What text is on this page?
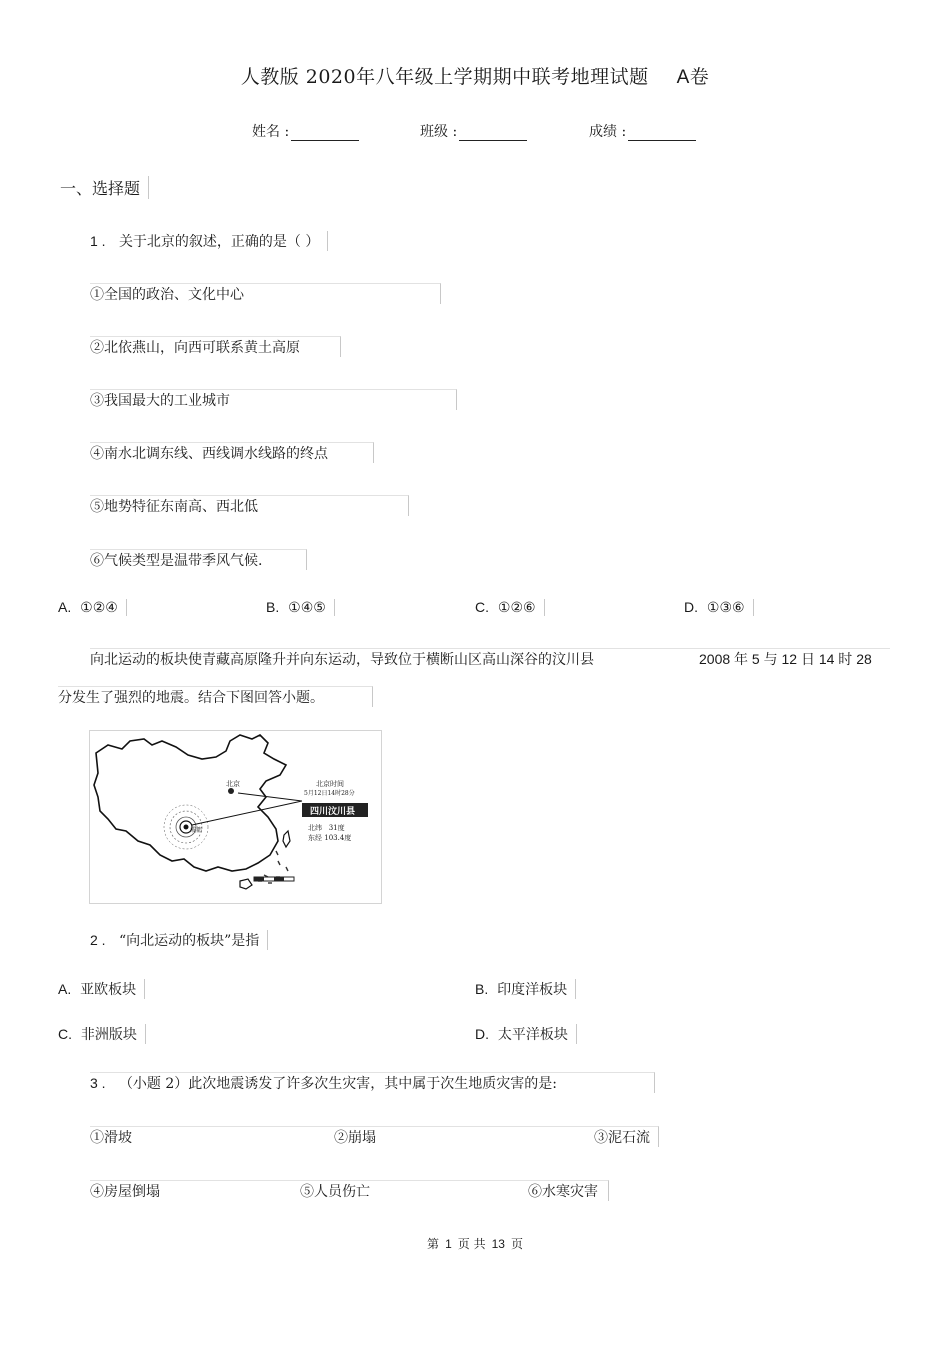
人教版 2020年八年级上学期期中联考地理试题 A卷
姓名 :	班级 :	成绩 :
一、选择题
1 . 关于北京的叙述，正确的是（ ）
①全国的政治、文化中心
②北依燕山，向西可联系黄土高原
③我国最大的工业城市
④南水北调东线、西线调水线路的终点
⑤地势特征东南高、西北低
⑥气候类型是温带季风气候.
A. ①②④	B. ①④⑤	C. ①②⑥	D. ①③⑥
向北运动的板块使青藏高原隆升并向东运动，导致位于横断山区高山深谷的汶川县	2008 年 5 与 12 日 14 时 28
分发生了强烈的地震。结合下图回答小题。
北京	北京时间
5月12日14时28分
四川汶川县
北纬 31度
东经 103.4度
成都
2 . “向北运动的板块”是指
A. 亚欧板块	B. 印度洋板块
C. 非洲版块	D. 太平洋板块
3 . （小题 2）此次地震诱发了许多次生灾害，其中属于次生地质灾害的是:
①滑坡	②崩塌	③泥石流
④房屋倒塌	⑤人员伤亡	⑥水寒灾害
第 1 页 共 13 页
